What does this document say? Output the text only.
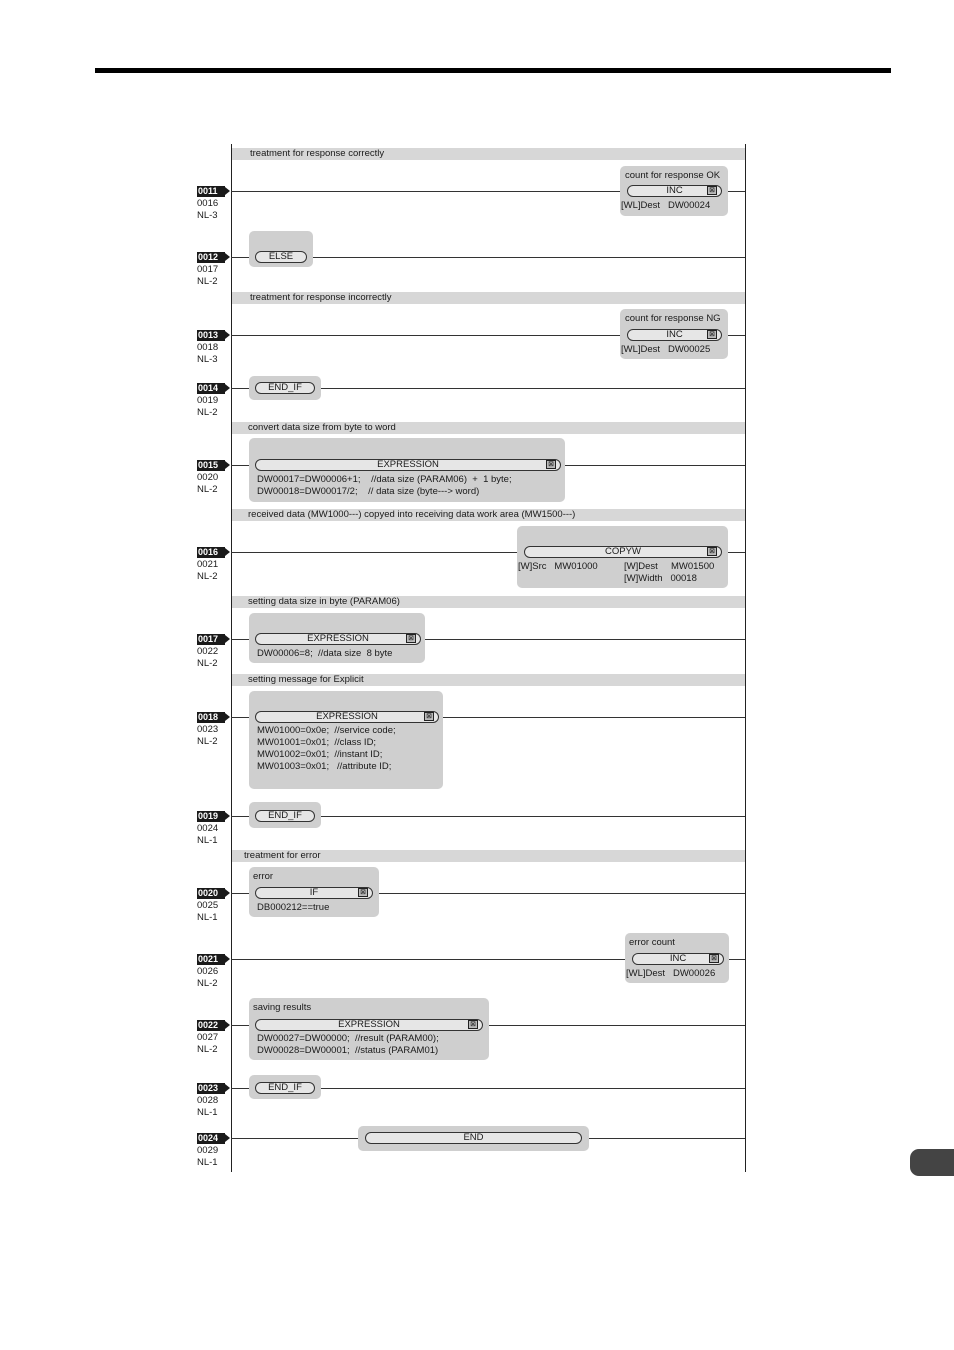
treatment for response correctly
treatment for response incorrectly
convert data size from byte to word
received data (MW1000---) copyed into receiving data work area (MW1500---)
setting data size in byte (PARAM06)
setting message for Explicit
treatment for error
0011
0016
NL-3
0012
0017
NL-2
0013
0018
NL-3
0014
0019
NL-2
0015
0020
NL-2
0016
0021
NL-2
0017
0022
NL-2
0018
0023
NL-2
0019
0024
NL-1
0020
0025
NL-1
0021
0026
NL-2
0022
0027
NL-2
0023
0028
NL-1
0024
0029
NL-1
count for response OK
INC	⊠
[WL]Dest   DW00024
ELSE
count for response NG
INC	⊠
[WL]Dest   DW00025
END_IF
EXPRESSION	⊠
DW00017=DW00006+1;    //data size (PARAM06)  +  1 byte;
DW00018=DW00017/2;    // data size (byte---> word)
COPYW	⊠
[W]Src   MW01000	[W]Dest     MW01500
[W]Width   00018
EXPRESSION	⊠
DW00006=8;  //data size  8 byte
EXPRESSION	⊠
MW01000=0x0e;  //service code;
MW01001=0x01;  //class ID;
MW01002=0x01;  //instant ID;
MW01003=0x01;   //attribute ID;
END_IF
error
IF	⊠
DB000212==true
error count
INC	⊠
[WL]Dest   DW00026
saving results
EXPRESSION	⊠
DW00027=DW00000;  //result (PARAM00);
DW00028=DW00001;  //status (PARAM01)
END_IF
END
